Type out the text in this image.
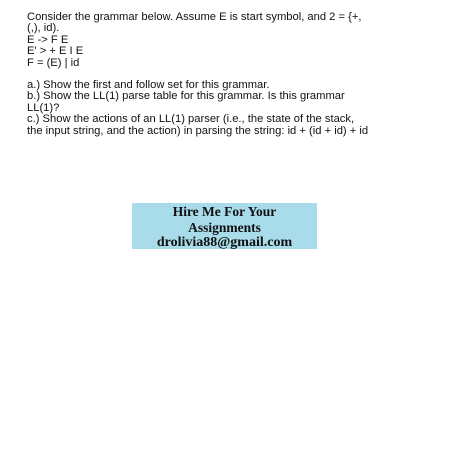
Consider the grammar below. Assume E is start symbol, and 2 = {+,
(,), id).
E -> F E
E' > + E I E
F = (E) | id
a.) Show the first and follow set for this grammar.
b.) Show the LL(1) parse table for this grammar. Is this grammar
LL(1)?
c.) Show the actions of an LL(1) parser (i.e., the state of the stack,
the input string, and the action) in parsing the string: id + (id + id) + id
Hire Me For Your
Assignments
drolivia88@gmail.com
